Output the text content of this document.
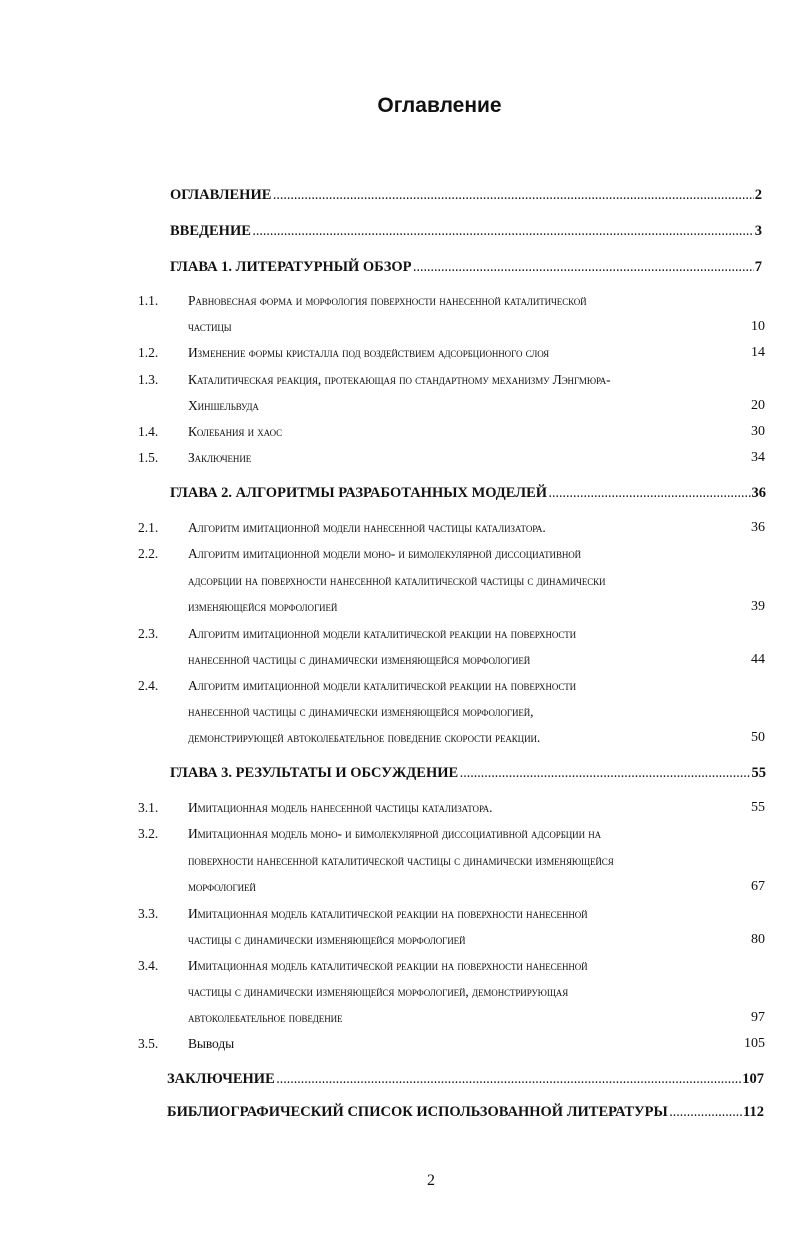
Оглавление
ОГЛАВЛЕНИЕ .....	2
ВВЕДЕНИЕ .....	3
ГЛАВА 1. ЛИТЕРАТУРНЫЙ ОБЗОР .....	7
1.1. Равновесная форма и морфология поверхности нанесенной каталитической
частицы	10
1.2. Изменение формы кристалла под воздействием адсорбционного слоя	14
1.3. Каталитическая реакция, протекающая по стандартному механизму Лэнгмюра-
Хиншельвуда	20
1.4. Колебания и хаос	30
1.5. Заключение	34
ГЛАВА 2. АЛГОРИТМЫ РАЗРАБОТАННЫХ МОДЕЛЕЙ .....	36
2.1. Алгоритм имитационной модели нанесенной частицы катализатора.	36
2.2. Алгоритм имитационной модели моно- и бимолекулярной диссоциативной
адсорбции на поверхности нанесенной каталитической частицы с динамически
изменяющейся морфологией	39
2.3. Алгоритм имитационной модели каталитической реакции на поверхности
нанесенной частицы с динамически изменяющейся морфологией	44
2.4. Алгоритм имитационной модели каталитической реакции на поверхности
нанесенной частицы с динамически изменяющейся морфологией,
демонстрирующей автоколебательное поведение скорости реакции.	50
ГЛАВА 3. РЕЗУЛЬТАТЫ И ОБСУЖДЕНИЕ .....	55
3.1. Имитационная модель нанесенной частицы катализатора.	55
3.2. Имитационная модель моно- и бимолекулярной диссоциативной адсорбции на
поверхности нанесенной каталитической частицы с динамически изменяющейся
морфологией	67
3.3. Имитационная модель каталитической реакции на поверхности нанесенной
частицы с динамически изменяющейся морфологией	80
3.4. Имитационная модель каталитической реакции на поверхности нанесенной
частицы с динамически изменяющейся морфологией, демонстрирующая
автоколебательное поведение	97
3.5. Выводы	105
ЗАКЛЮЧЕНИЕ .....	107
БИБЛИОГРАФИЧЕСКИЙ СПИСОК ИСПОЛЬЗОВАННОЙ ЛИТЕРАТУРЫ .....	112
2
